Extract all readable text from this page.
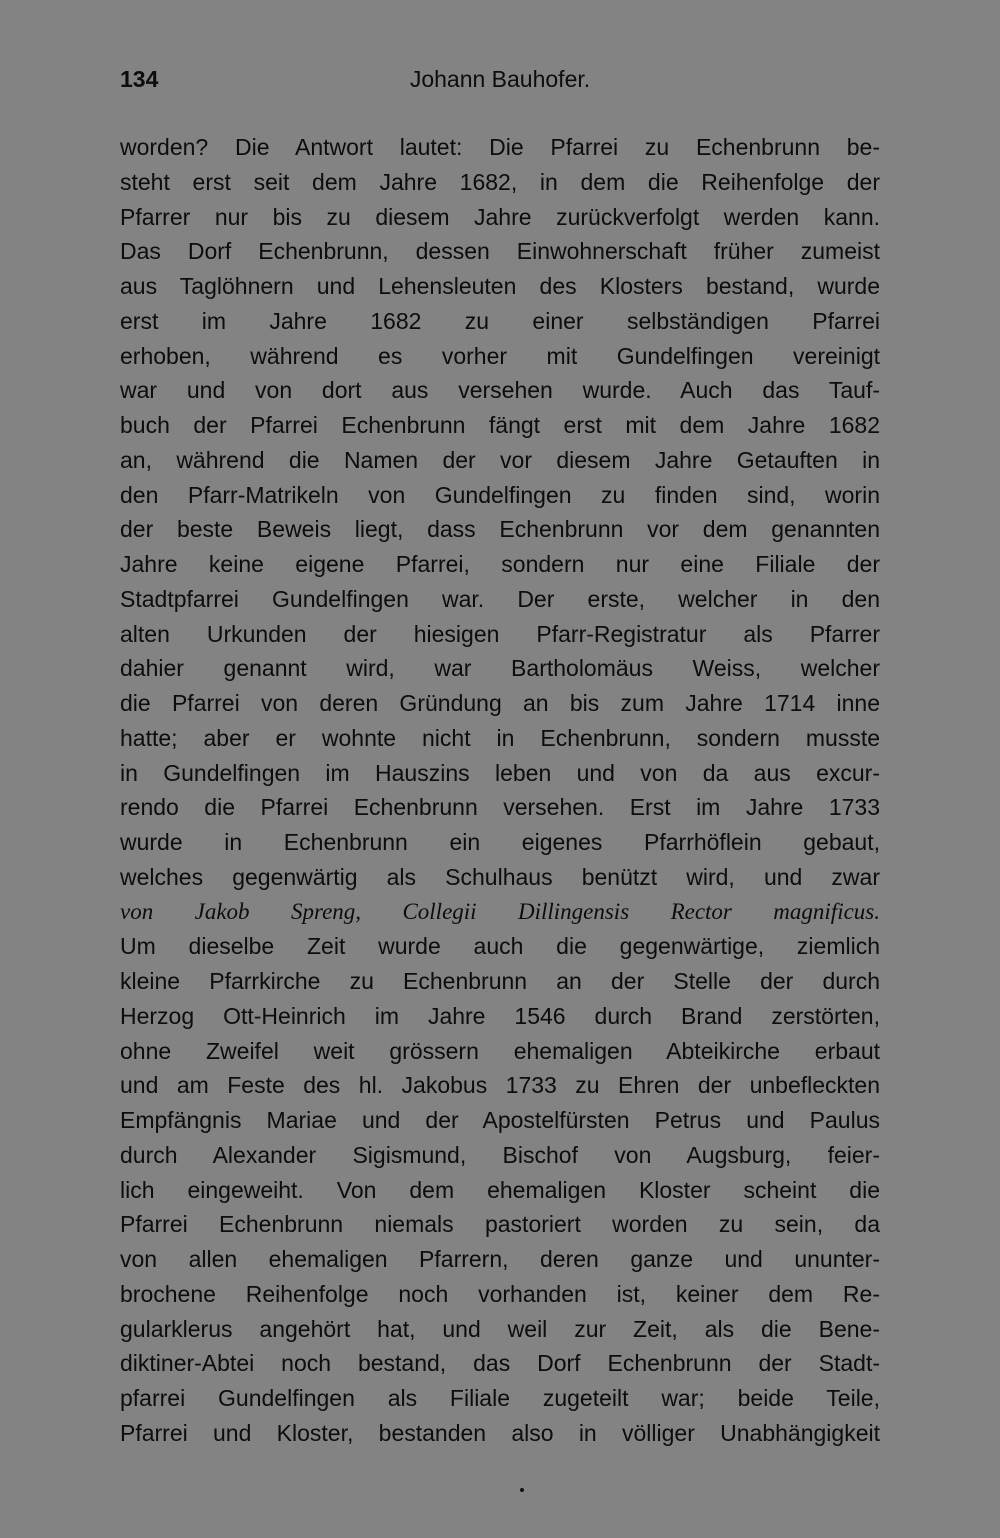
134	Johann Bauhofer.
worden? Die Antwort lautet: Die Pfarrei zu Echenbrunn be-
steht erst seit dem Jahre 1682, in dem die Reihenfolge der
Pfarrer nur bis zu diesem Jahre zurückverfolgt werden kann.
Das Dorf Echenbrunn, dessen Einwohnerschaft früher zumeist
aus Taglöhnern und Lehensleuten des Klosters bestand, wurde
erst im Jahre 1682 zu einer selbständigen Pfarrei
erhoben, während es vorher mit Gundelfingen vereinigt
war und von dort aus versehen wurde. Auch das Tauf-
buch der Pfarrei Echenbrunn fängt erst mit dem Jahre 1682
an, während die Namen der vor diesem Jahre Getauften in
den Pfarr-Matrikeln von Gundelfingen zu finden sind, worin
der beste Beweis liegt, dass Echenbrunn vor dem genannten
Jahre keine eigene Pfarrei, sondern nur eine Filiale der
Stadtpfarrei Gundelfingen war. Der erste, welcher in den
alten Urkunden der hiesigen Pfarr-Registratur als Pfarrer
dahier genannt wird, war Bartholomäus Weiss, welcher
die Pfarrei von deren Gründung an bis zum Jahre 1714 inne
hatte; aber er wohnte nicht in Echenbrunn, sondern musste
in Gundelfingen im Hauszins leben und von da aus excur-
rendo die Pfarrei Echenbrunn versehen. Erst im Jahre 1733
wurde in Echenbrunn ein eigenes Pfarrhöflein gebaut,
welches gegenwärtig als Schulhaus benützt wird, und zwar
von Jakob Spreng, Collegii Dillingensis Rector magnificus.
Um dieselbe Zeit wurde auch die gegenwärtige, ziemlich
kleine Pfarrkirche zu Echenbrunn an der Stelle der durch
Herzog Ott-Heinrich im Jahre 1546 durch Brand zerstörten,
ohne Zweifel weit grössern ehemaligen Abteikirche erbaut
und am Feste des hl. Jakobus 1733 zu Ehren der unbefleckten
Empfängnis Mariae und der Apostelfürsten Petrus und Paulus
durch Alexander Sigismund, Bischof von Augsburg, feier-
lich eingeweiht. Von dem ehemaligen Kloster scheint die
Pfarrei Echenbrunn niemals pastoriert worden zu sein, da
von allen ehemaligen Pfarrern, deren ganze und ununter-
brochene Reihenfolge noch vorhanden ist, keiner dem Re-
gularklerus angehört hat, und weil zur Zeit, als die Bene-
diktiner-Abtei noch bestand, das Dorf Echenbrunn der Stadt-
pfarrei Gundelfingen als Filiale zugeteilt war; beide Teile,
Pfarrei und Kloster, bestanden also in völliger Unabhängigkeit
